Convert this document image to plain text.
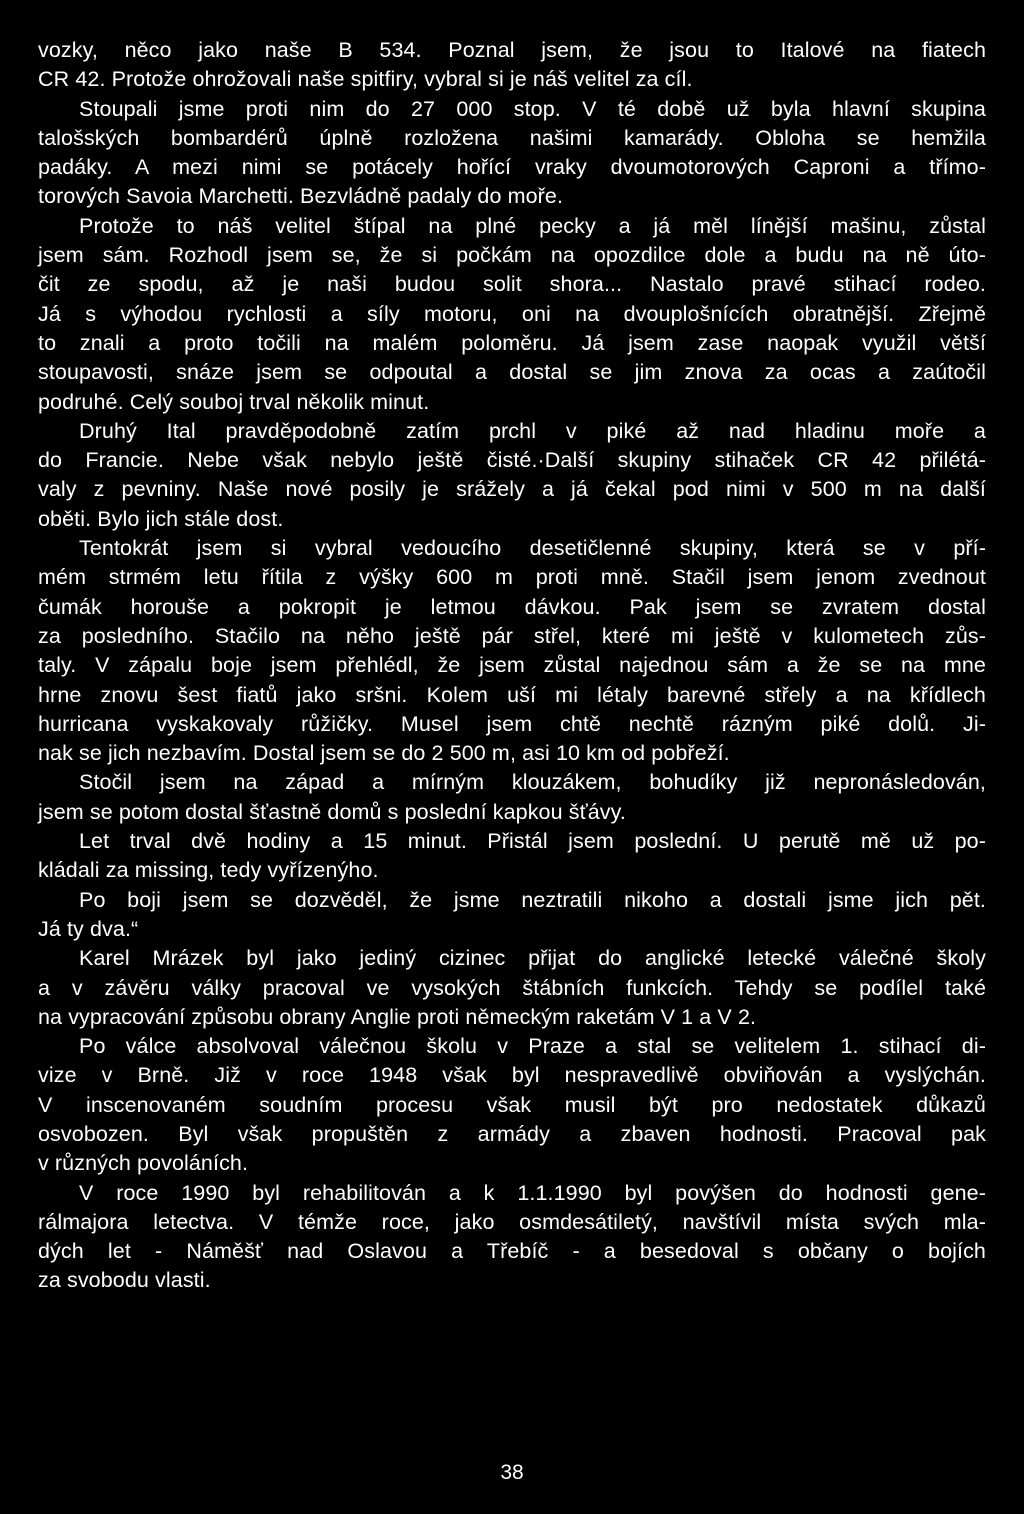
vozky, něco jako naše B 534. Poznal jsem, že jsou to Italové na fiatech
CR 42. Protože ohrožovali naše spitfiry, vybral si je náš velitel za cíl.
Stoupali jsme proti nim do 27 000 stop. V té době už byla hlavní skupina
talošských bombardérů úplně rozložena našimi kamarády. Obloha se hemžila
padáky. A mezi nimi se potácely hořící vraky dvoumotorových Caproni a třímo-
torových Savoia Marchetti. Bezvládně padaly do moře.
Protože to náš velitel štípal na plné pecky a já měl línější mašinu, zůstal
jsem sám. Rozhodl jsem se, že si počkám na opozdilce dole a budu na ně úto-
čit ze spodu, až je naši budou solit shora... Nastalo pravé stihací rodeo.
Já s výhodou rychlosti a síly motoru, oni na dvouplošnících obratnější. Zřejmě
to znali a proto točili na malém poloměru. Já jsem zase naopak využil větší
stoupavosti, snáze jsem se odpoutal a dostal se jim znova za ocas a zaútočil
podruhé. Celý souboj trval několik minut.
Druhý Ital pravděpodobně zatím prchl v piké až nad hladinu moře a
do Francie. Nebe však nebylo ještě čisté.·Další skupiny stihaček CR 42 přilétá-
valy z pevniny. Naše nové posily je srážely a já čekal pod nimi v 500 m na další
oběti. Bylo jich stále dost.
Tentokrát jsem si vybral vedoucího desetičlenné skupiny, která se v pří-
mém strmém letu řítila z výšky 600 m proti mně. Stačil jsem jenom zvednout
čumák horouše a pokropit je letmou dávkou. Pak jsem se zvratem dostal
za posledního. Stačilo na něho ještě pár střel, které mi ještě v kulometech zůs-
taly. V zápalu boje jsem přehlédl, že jsem zůstal najednou sám a že se na mne
hrne znovu šest fiatů jako sršni. Kolem uší mi létaly barevné střely a na křídlech
hurricana vyskakovaly růžičky. Musel jsem chtě nechtě rázným piké dolů. Ji-
nak se jich nezbavím. Dostal jsem se do 2 500 m, asi 10 km od pobřeží.
Stočil jsem na západ a mírným klouzákem, bohudíky již nepronásledován,
jsem se potom dostal šťastně domů s poslední kapkou šťávy.
Let trval dvě hodiny a 15 minut. Přistál jsem poslední. U perutě mě už po-
kládali za missing, tedy vyřízenýho.
Po boji jsem se dozvěděl, že jsme neztratili nikoho a dostali jsme jich pět.
Já ty dva.“
Karel Mrázek byl jako jediný cizinec přijat do anglické letecké válečné školy
a v závěru války pracoval ve vysokých štábních funkcích. Tehdy se podílel také
na vypracování způsobu obrany Anglie proti německým raketám V 1 a V 2.
Po válce absolvoval válečnou školu v Praze a stal se velitelem 1. stihací di-
vize v Brně. Již v roce 1948 však byl nespravedlivě obviňován a vyslýchán.
V inscenovaném soudním procesu však musil být pro nedostatek důkazů
osvobozen. Byl však propuštěn z armády a zbaven hodnosti. Pracoval pak
v různých povoláních.
V roce 1990 byl rehabilitován a k 1.1.1990 byl povýšen do hodnosti gene-
rálmajora letectva. V témže roce, jako osmdesátiletý, navštívil místa svých mla-
dých let - Náměšť nad Oslavou a Třebíč - a besedoval s občany o bojích
za svobodu vlasti.
38
